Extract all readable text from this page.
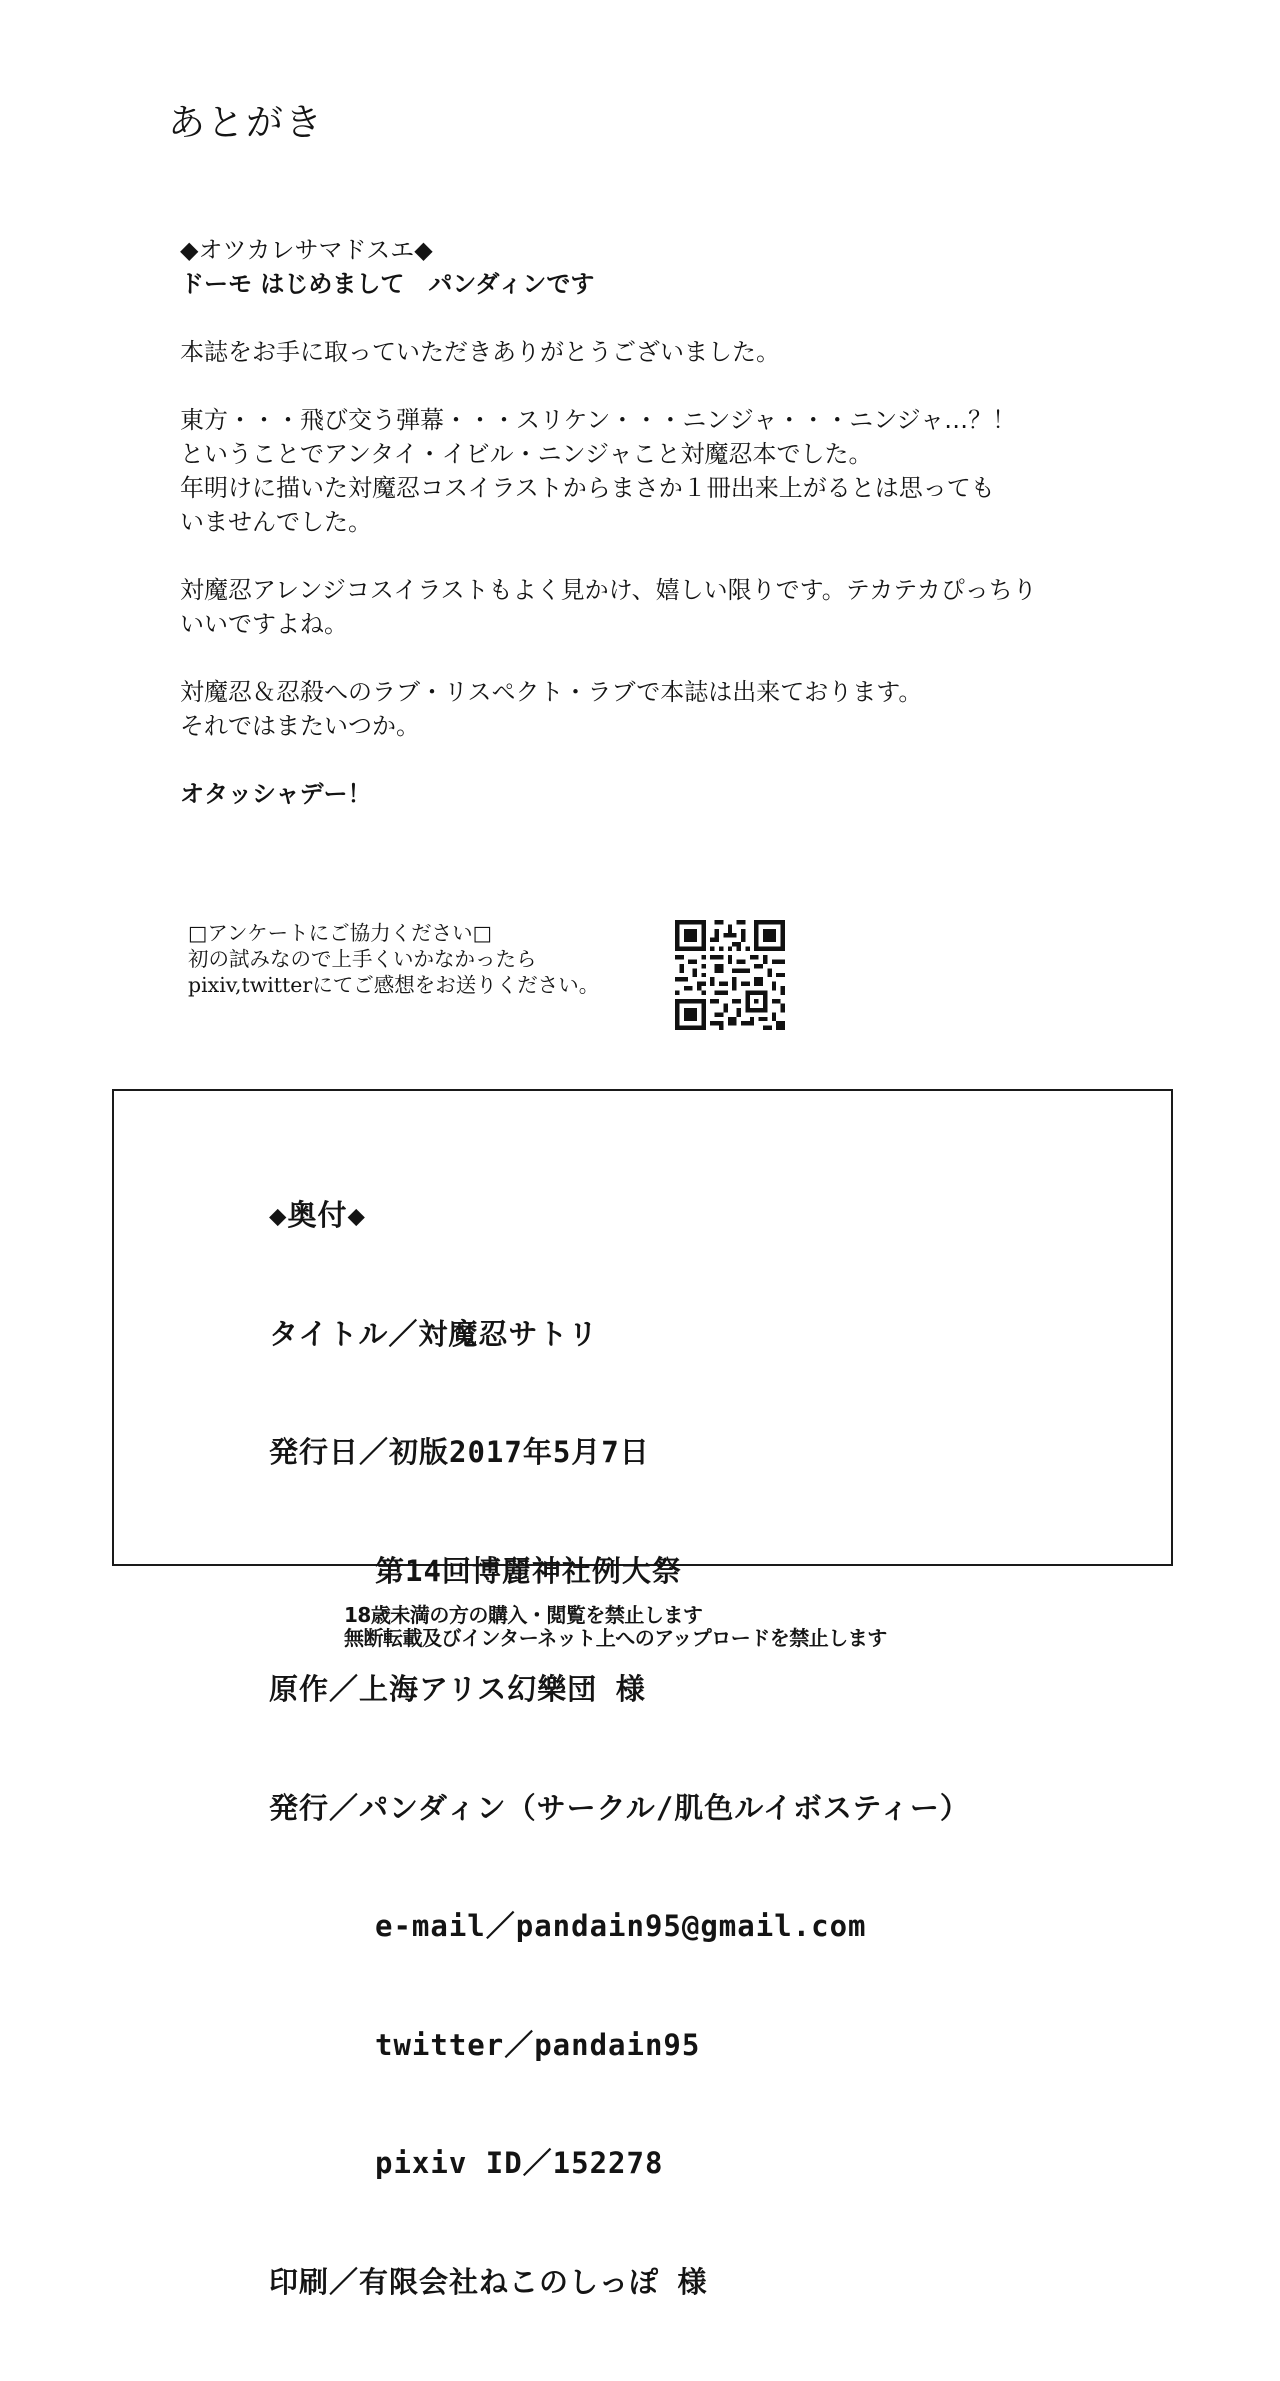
あとがき
◆オツカレサマドスエ◆
ドーモ はじめまして　パンダィンです
本誌をお手に取っていただきありがとうございました。
東方・・・飛び交う弾幕・・・スリケン・・・ニンジャ・・・ニンジャ…？！
ということでアンタイ・イビル・ニンジャこと対魔忍本でした。
年明けに描いた対魔忍コスイラストからまさか１冊出来上がるとは思っても
いませんでした。
対魔忍アレンジコスイラストもよく見かけ、嬉しい限りです。テカテカぴっちり
いいですよね。
対魔忍＆忍殺へのラブ・リスペクト・ラブで本誌は出来ております。
それではまたいつか。
オタッシャデー！
□アンケートにご協力ください□
初の試みなので上手くいかなかったら
pixiv,twitterにてご感想をお送りください。

◆奥付◆

タイトル／対魔忍サトリ

発行日／初版2017年5月7日

第14回博麗神社例大祭

原作／上海アリス幻樂団 様

発行／パンダィン（サークル/肌色ルイボスティー）

e-mail／pandain95@gmail.com

twitter／pandain95

pixiv ID／152278

印刷／有限会社ねこのしっぽ 様

18歳未満の方の購入・閲覧を禁止します
無断転載及びインターネット上へのアップロードを禁止します
